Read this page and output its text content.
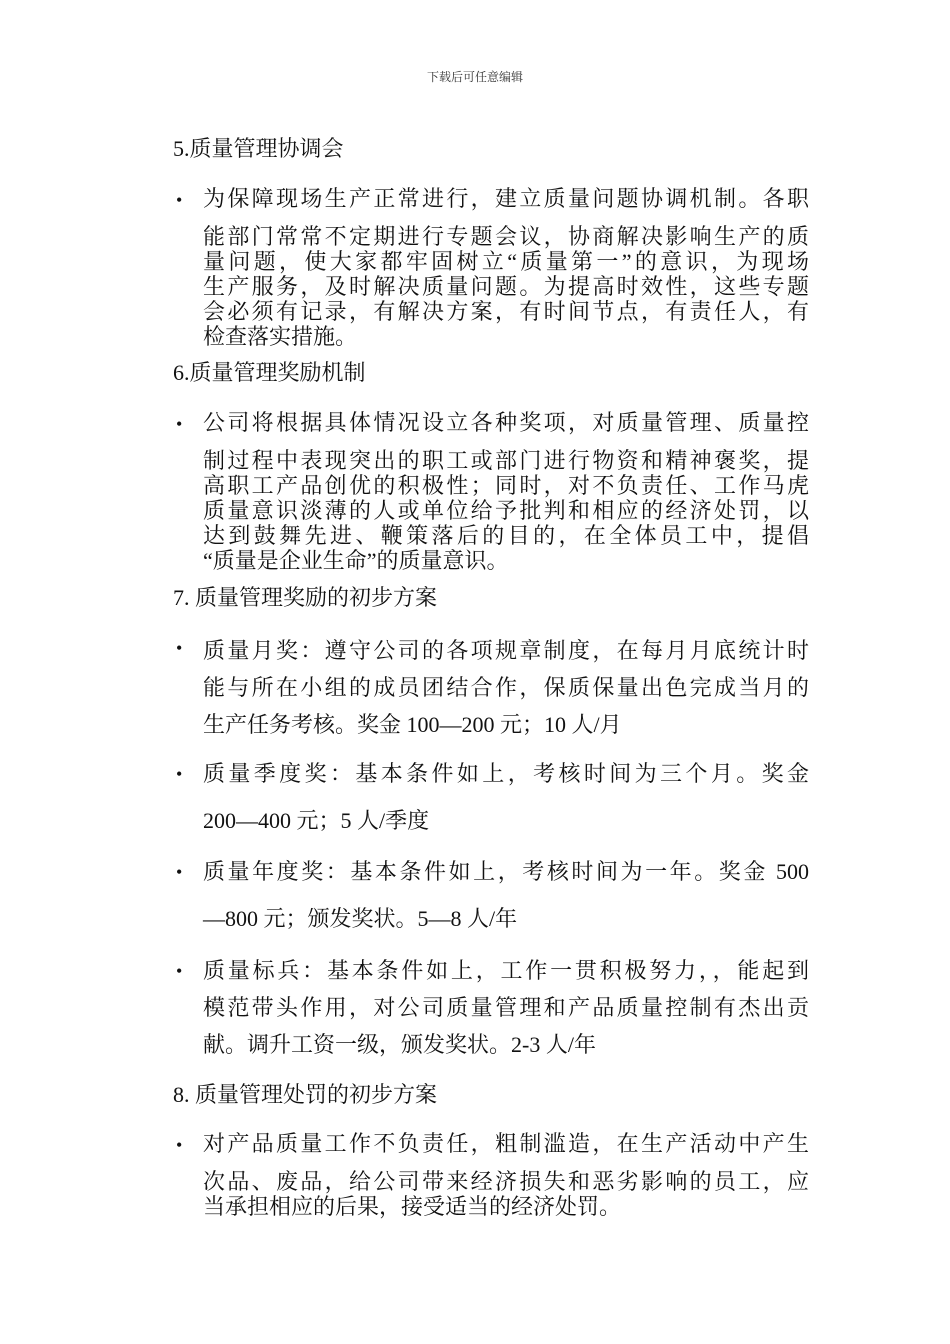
下载后可任意编辑
5.质量管理协调会
• 为保障现场生产正常进行，建立质量问题协调机制。各职

能部门常常不定期进行专题会议，协商解决影响生产的质

量问题，使大家都牢固树立“质量第一”的意识，为现场

生产服务，及时解决质量问题。为提高时效性，这些专题

会必须有记录，有解决方案，有时间节点，有责任人，有

检查落实措施。

6.质量管理奖励机制
• 公司将根据具体情况设立各种奖项，对质量管理、质量控

制过程中表现突出的职工或部门进行物资和精神褒奖，提

高职工产品创优的积极性；同时，对不负责任、工作马虎

质量意识淡薄的人或单位给予批判和相应的经济处罚，以

达到鼓舞先进、鞭策落后的目的，在全体员工中，提倡

“质量是企业生命”的质量意识。

7. 质量管理奖励的初步方案
• 质量月奖：遵守公司的各项规章制度，在每月月底统计时

能与所在小组的成员团结合作，保质保量出色完成当月的

生产任务考核。奖金 100—200 元；10 人/月

• 质量季度奖：基本条件如上，考核时间为三个月。奖金

200—400 元；5 人/季度

• 质量年度奖：基本条件如上，考核时间为一年。奖金 500

—800 元；颁发奖状。5—8 人/年

• 质量标兵：基本条件如上，工作一贯积极努力，，能起到

模范带头作用，对公司质量管理和产品质量控制有杰出贡

献。调升工资一级，颁发奖状。2-3 人/年

8. 质量管理处罚的初步方案
• 对产品质量工作不负责任，粗制滥造，在生产活动中产生

次品、废品，给公司带来经济损失和恶劣影响的员工，应

当承担相应的后果，接受适当的经济处罚。
